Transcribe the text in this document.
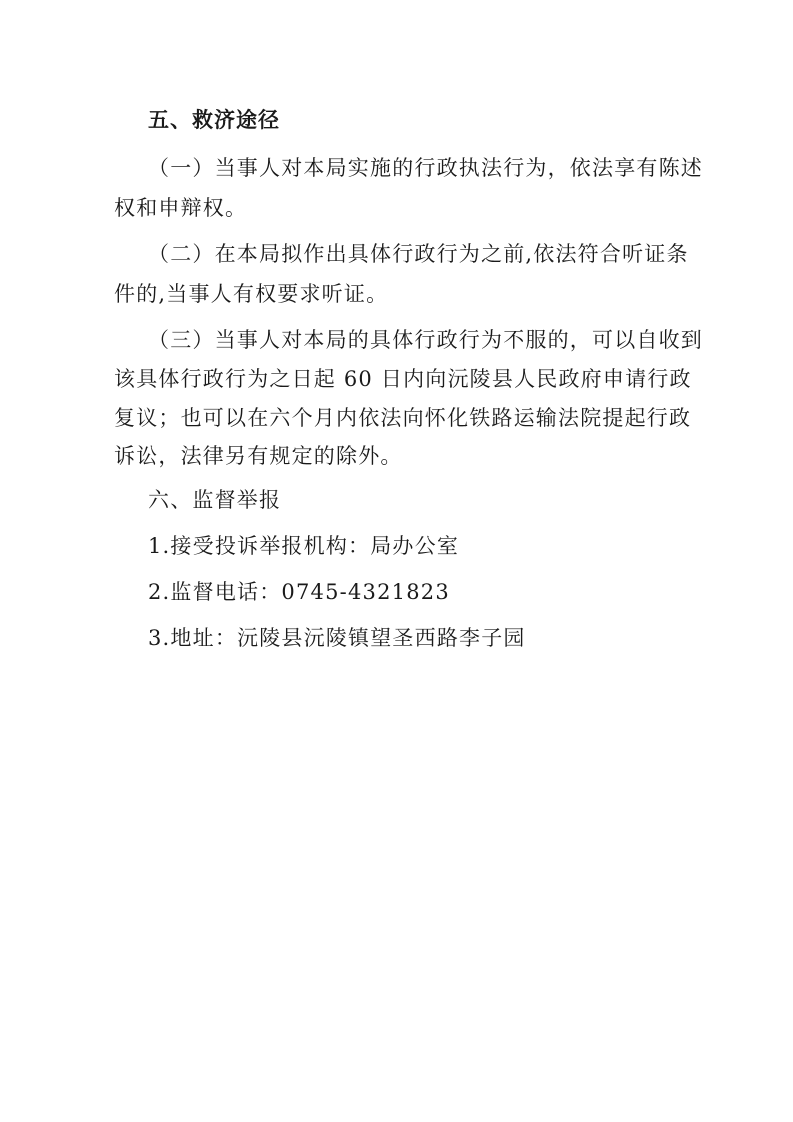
五、救济途径
（一）当事人对本局实施的行政执法行为，依法享有陈述
权和申辩权。
（二）在本局拟作出具体行政行为之前,依法符合听证条
件的,当事人有权要求听证。
（三）当事人对本局的具体行政行为不服的，可以自收到
该具体行政行为之日起 60 日内向沅陵县人民政府申请行政
复议；也可以在六个月内依法向怀化铁路运输法院提起行政
诉讼，法律另有规定的除外。
六、监督举报
1.接受投诉举报机构：局办公室
2.监督电话：0745-4321823
3.地址：沅陵县沅陵镇望圣西路李子园
